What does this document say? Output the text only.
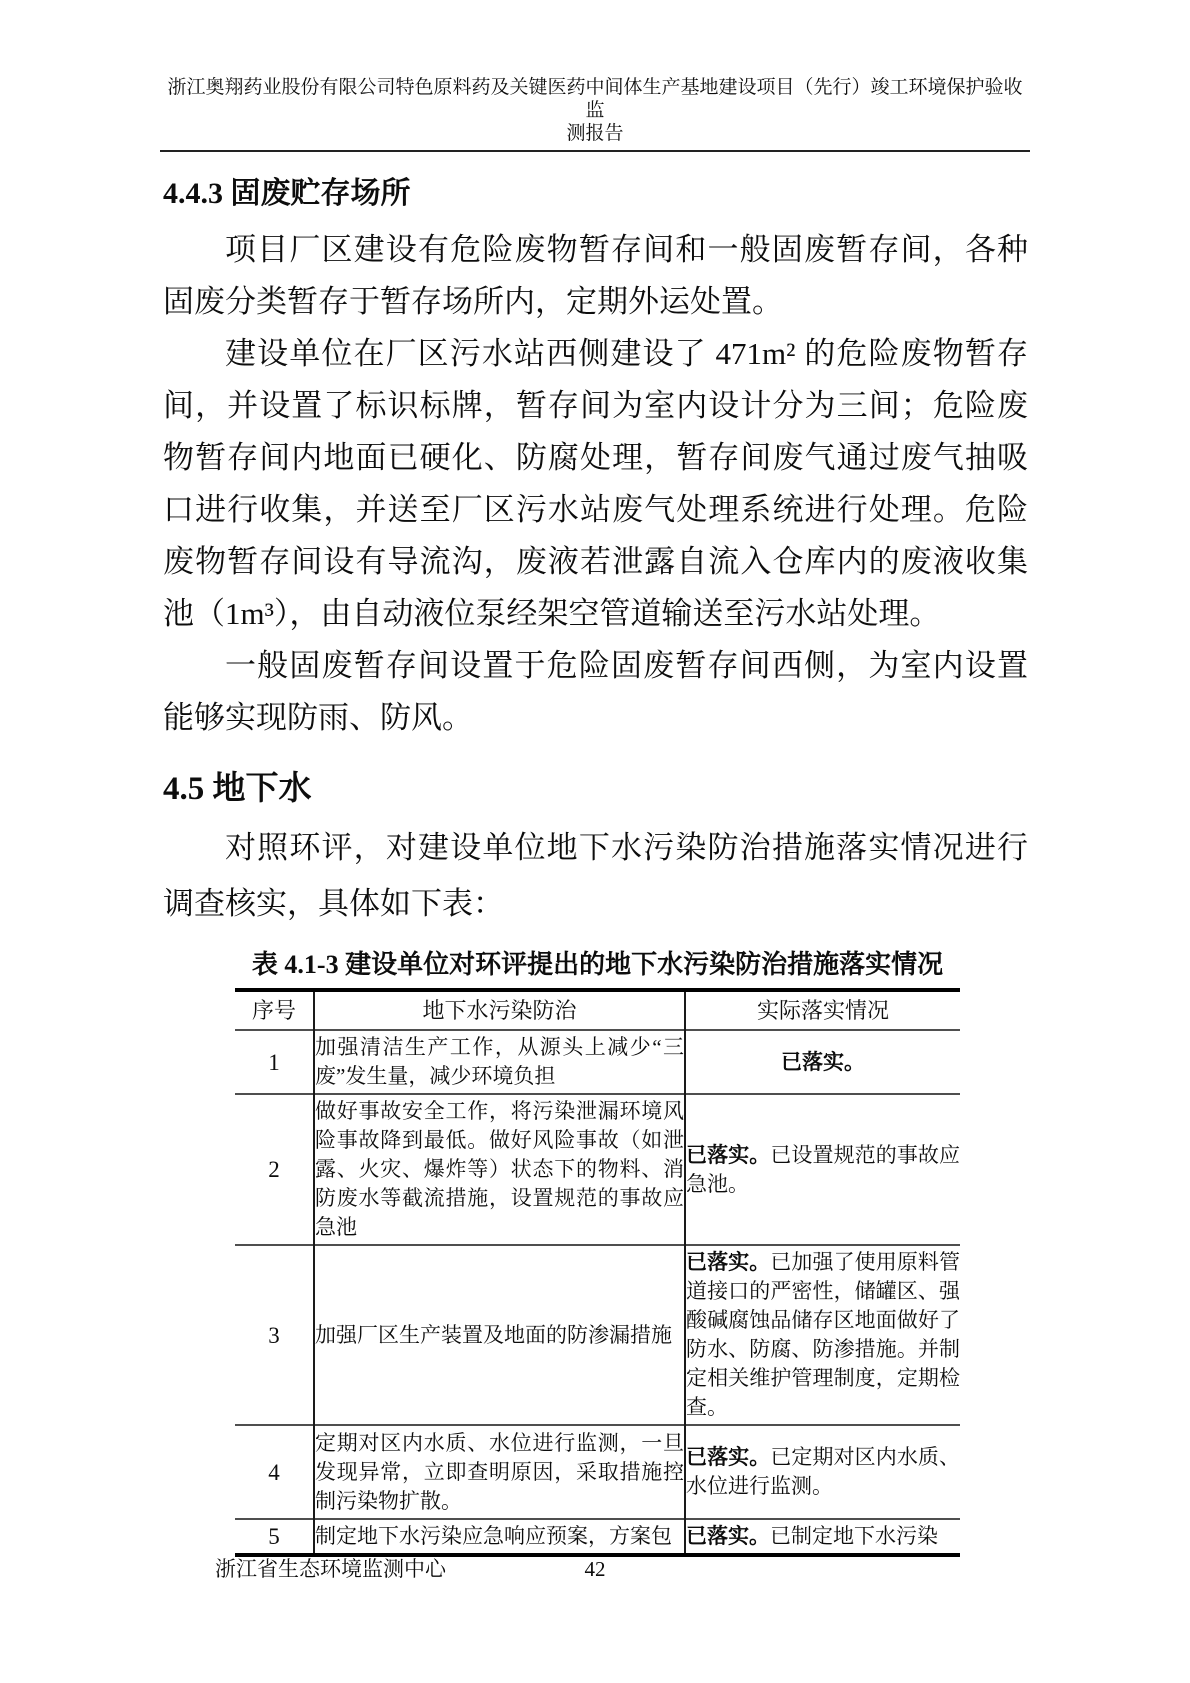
浙江奥翔药业股份有限公司特色原料药及关键医药中间体生产基地建设项目（先行）竣工环境保护验收监
测报告
4.4.3 固废贮存场所

项目厂区建设有危险废物暂存间和一般固废暂存间，各种固废分类暂存于暂存场所内，定期外运处置。

建设单位在厂区污水站西侧建设了 471m² 的危险废物暂存间，并设置了标识标牌，暂存间为室内设计分为三间；危险废物暂存间内地面已硬化、防腐处理，暂存间废气通过废气抽吸口进行收集，并送至厂区污水站废气处理系统进行处理。危险废物暂存间设有导流沟，废液若泄露自流入仓库内的废液收集池（1m³），由自动液位泵经架空管道输送至污水站处理。

一般固废暂存间设置于危险固废暂存间西侧，为室内设置能够实现防雨、防风。

4.5 地下水

对照环评，对建设单位地下水污染防治措施落实情况进行调查核实，具体如下表：

表 4.1-3 建设单位对环评提出的地下水污染防治措施落实情况
序号	地下水污染防治	实际落实情况
1	加强清洁生产工作，从源头上减少“三废”发生量，减少环境负担	已落实。
2	做好事故安全工作，将污染泄漏环境风险事故降到最低。做好风险事故（如泄露、火灾、爆炸等）状态下的物料、消防废水等截流措施，设置规范的事故应急池	已落实。已设置规范的事故应急池。
3	加强厂区生产装置及地面的防渗漏措施	已落实。已加强了使用原料管道接口的严密性，储罐区、强酸碱腐蚀品储存区地面做好了防水、防腐、防渗措施。并制定相关维护管理制度，定期检查。
4	定期对区内水质、水位进行监测，一旦发现异常，立即查明原因，采取措施控制污染物扩散。	已落实。已定期对区内水质、水位进行监测。
5	制定地下水污染应急响应预案，方案包	已落实。已制定地下水污染
浙江省生态环境监测中心	42
